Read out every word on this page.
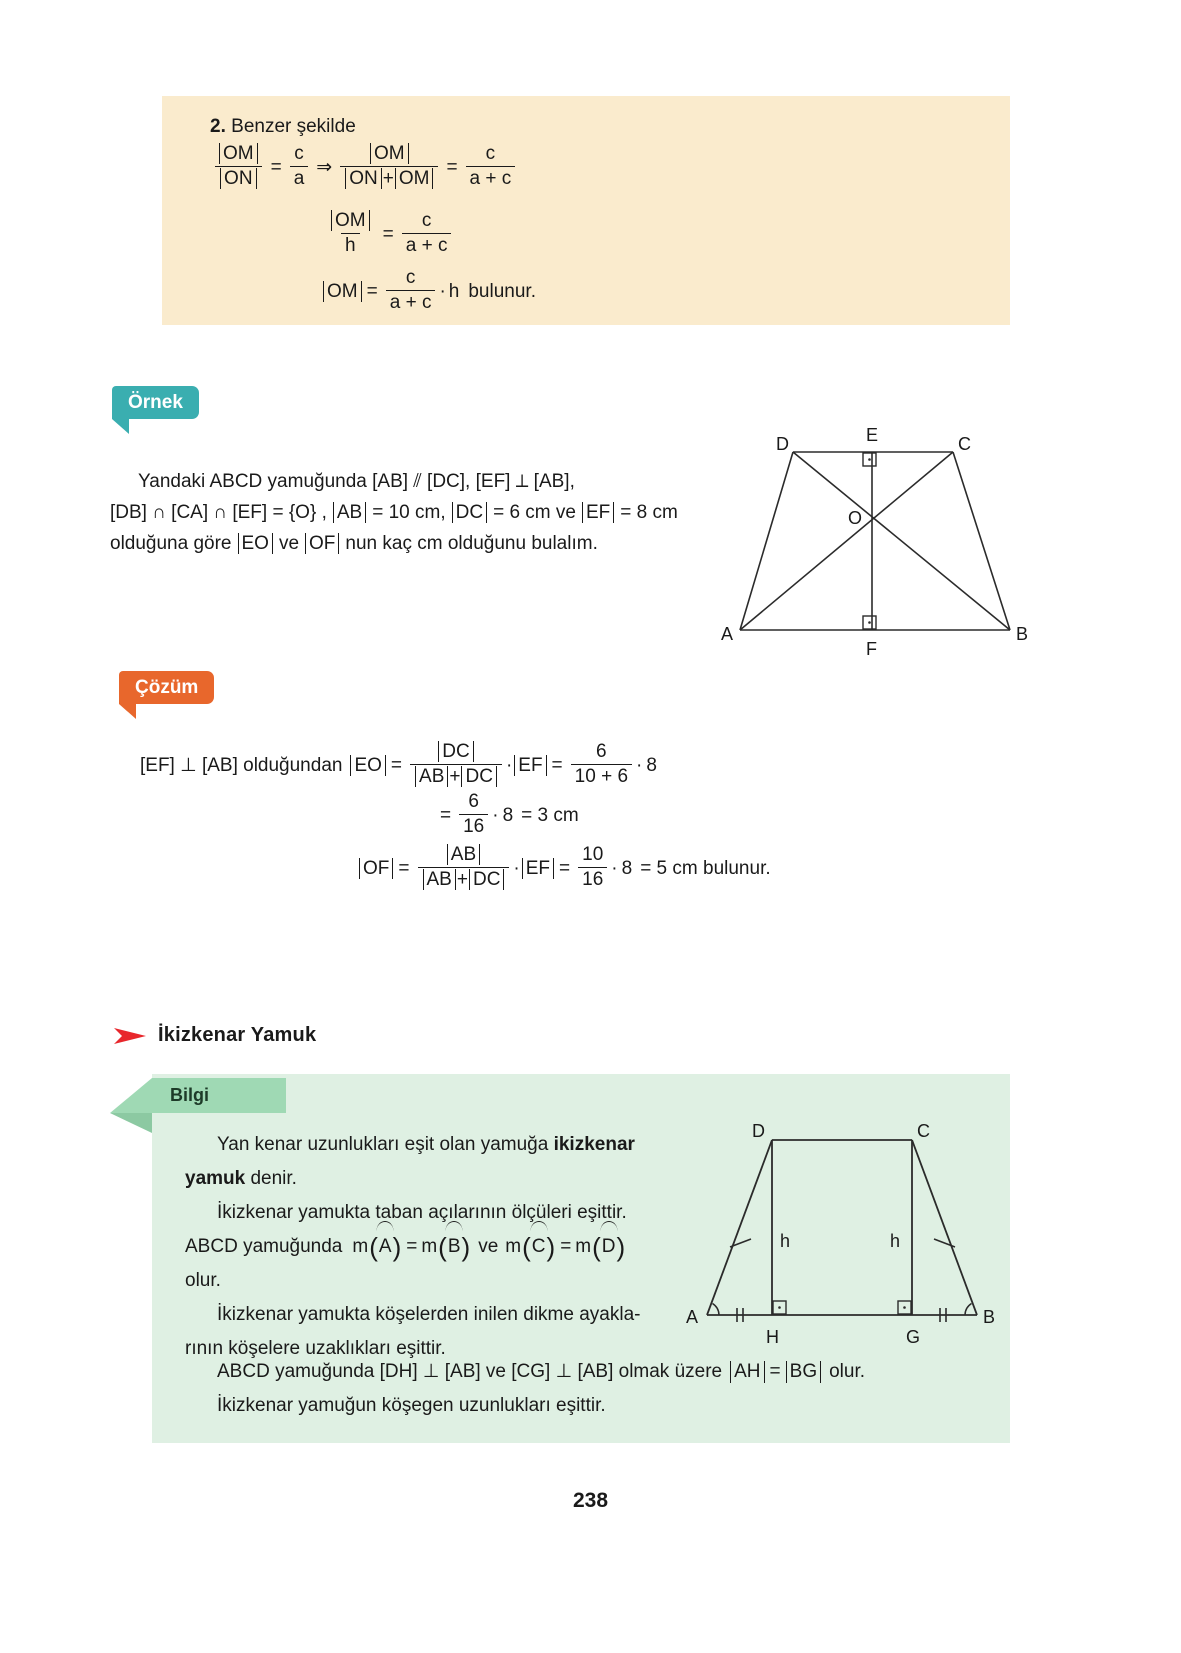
2. Benzer şekilde
$\frac{OM}{ON} = \frac{c}{a}$ ⇒ $\frac{OM}{ON + OM} = \frac{c}{a + c}$
$\frac{OM}{h} = \frac{c}{a + c}$
OM = $\frac{c}{a + c} \cdot h$ bulunur.
Örnek
Yandaki ABCD yamuğunda [AB] ⫽ [DC], [EF] ⊥ [AB],
[DB] ∩ [CA] ∩ [EF] = {O} , AB = 10 cm, DC = 6 cm ve EF = 8 cm
olduğuna göre EO ve OF nun kaç cm olduğunu bulalım.
D	E	C
O
A
F
B
Çözüm
[EF] ⊥ [AB] olduğundan EO = $\frac{DC}{AB + DC}$ · EF = $\frac{6}{10 + 6} \cdot 8$
= $\frac{6}{16} \cdot 8 = 3$ cm
OF = $\frac{AB}{AB + DC}$ · EF = $\frac{10}{16} \cdot 8 = 5$ cm bulunur.
İkizkenar Yamuk
Bilgi

Yan kenar uzunlukları eşit olan yamuğa ikizkenar yamuk denir.

İkizkenar yamukta taban açılarının ölçüleri eşittir.

ABCD yamuğunda m ( A ) = m ( B ) ve m ( C ) = m ( D )

olur.

İkizkenar yamukta köşelerden inilen dikme ayakla-

rının köşelere uzaklıkları eşittir.

ABCD yamuğunda [DH] ⊥ [AB] ve [CG] ⊥ [AB] olmak üzere AH = BG olur.
İkizkenar yamuğun köşegen uzunlukları eşittir.
D	C
A
H	G
B
h	h
238
